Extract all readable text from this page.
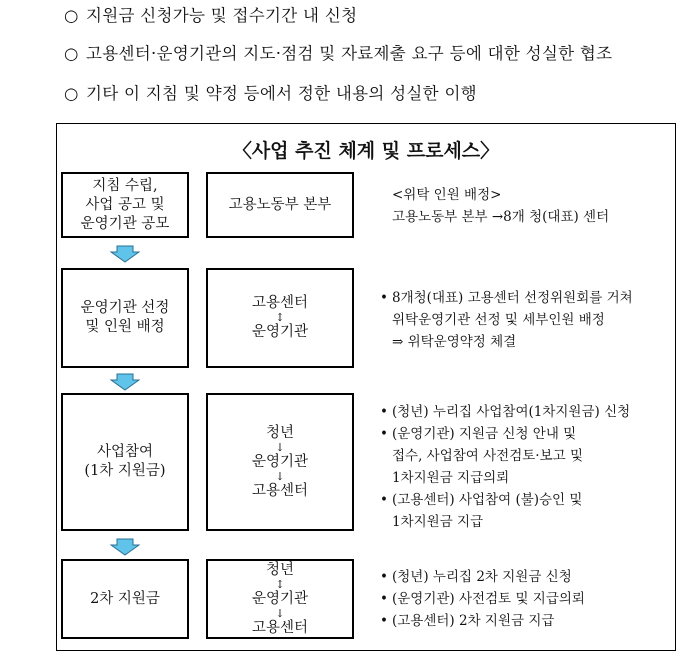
○ 지원금 신청가능 및 접수기간 내 신청
○ 고용센터·운영기관의 지도·점검 및 자료제출 요구 등에 대한 성실한 협조
○ 기타 이 지침 및 약정 등에서 정한 내용의 성실한 이행
〈사업 추진 체계 및 프로세스〉
지침 수립,
사업 공고 및
운영기관 공모
고용노동부 본부
<위탁 인원 배정>
고용노동부 본부 →8개 청(대표) 센터
운영기관 선정
및 인원 배정
고용센터
↕
운영기관
• 8개청(대표) 고용센터 선정위원회를 거쳐
위탁운영기관 선정 및 세부인원 배정
⇒ 위탁운영약정 체결
사업참여
(1차 지원금)
청년
↓
운영기관
↓
고용센터
• (청년) 누리집 사업참여(1차지원금) 신청
• (운영기관) 지원금 신청 안내 및
접수, 사업참여 사전검토·보고 및
1차지원금 지급의뢰
• (고용센터) 사업참여 (불)승인 및
1차지원금 지급
2차 지원금
청년
↕
운영기관
↓
고용센터
• (청년) 누리집 2차 지원금 신청
• (운영기관) 사전검토 및 지급의뢰
• (고용센터) 2차 지원금 지급
